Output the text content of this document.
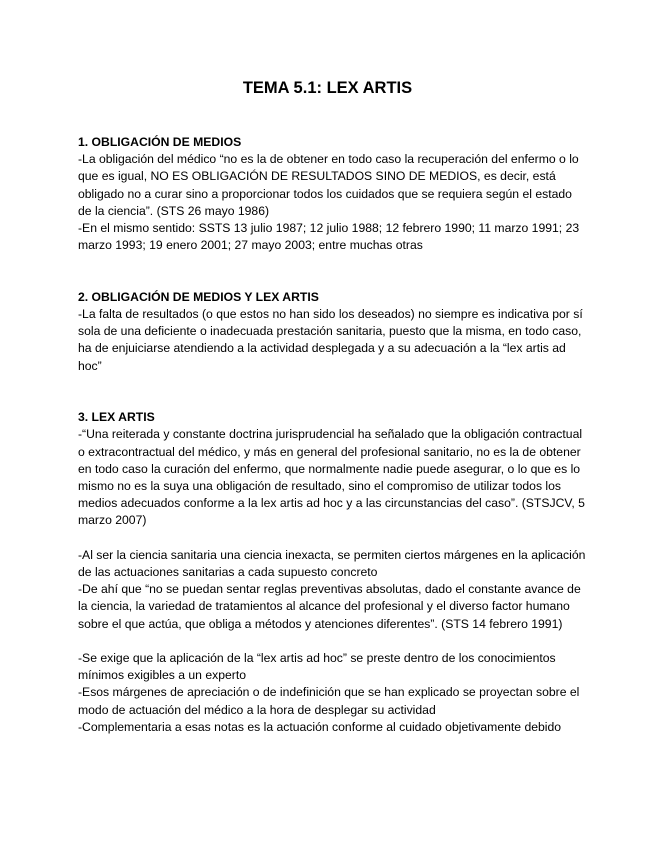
TEMA 5.1: LEX ARTIS

1. OBLIGACIÓN DE MEDIOS

-La obligación del médico “no es la de obtener en todo caso la recuperación del enfermo o lo que es igual, NO ES OBLIGACIÓN DE RESULTADOS SINO DE MEDIOS, es decir, está obligado no a curar sino a proporcionar todos los cuidados que se requiera según el estado de la ciencia”. (STS 26 mayo 1986)

-En el mismo sentido: SSTS 13 julio 1987; 12 julio 1988; 12 febrero 1990; 11 marzo 1991; 23 marzo 1993; 19 enero 2001; 27 mayo 2003; entre muchas otras

2. OBLIGACIÓN DE MEDIOS Y LEX ARTIS

-La falta de resultados (o que estos no han sido los deseados) no siempre es indicativa por sí sola de una deficiente o inadecuada prestación sanitaria, puesto que la misma, en todo caso, ha de enjuiciarse atendiendo a la actividad desplegada y a su adecuación a la “lex artis ad hoc”

3. LEX ARTIS

-“Una reiterada y constante doctrina jurisprudencial ha señalado que la obligación contractual o extracontractual del médico, y más en general del profesional sanitario, no es la de obtener en todo caso la curación del enfermo, que normalmente nadie puede asegurar, o lo que es lo mismo no es la suya una obligación de resultado, sino el compromiso de utilizar todos los medios adecuados conforme a la lex artis ad hoc y a las circunstancias del caso”. (STSJCV, 5 marzo 2007)

-Al ser la ciencia sanitaria una ciencia inexacta, se permiten ciertos márgenes en la aplicación de las actuaciones sanitarias a cada supuesto concreto

-De ahí que “no se puedan sentar reglas preventivas absolutas, dado el constante avance de la ciencia, la variedad de tratamientos al alcance del profesional y el diverso factor humano sobre el que actúa, que obliga a métodos y atenciones diferentes”. (STS 14 febrero 1991)

-Se exige que la aplicación de la “lex artis ad hoc” se preste dentro de los conocimientos mínimos exigibles a un experto

-Esos márgenes de apreciación o de indefinición que se han explicado se proyectan sobre el modo de actuación del médico a la hora de desplegar su actividad

-Complementaria a esas notas es la actuación conforme al cuidado objetivamente debido
